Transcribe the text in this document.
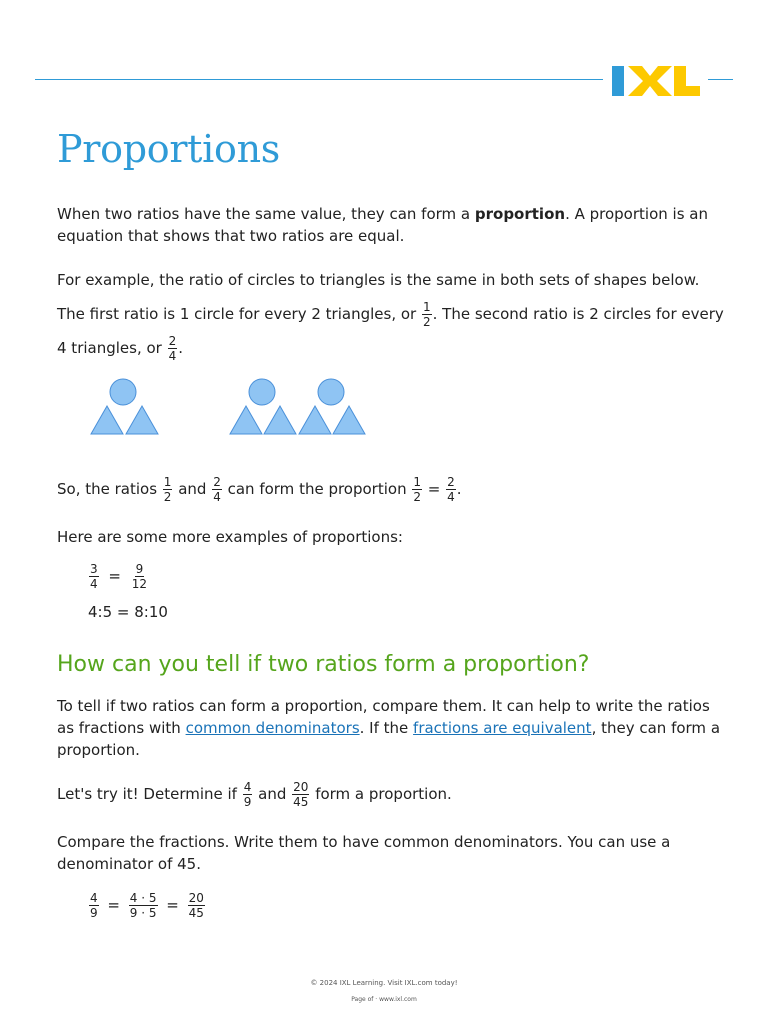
Proportions

When two ratios have the same value, they can form a proportion. A proportion is an equation that shows that two ratios are equal.

For example, the ratio of circles to triangles is the same in both sets of shapes below. The first ratio is 1 circle for every 2 triangles, or $\frac{1}{2}$ . The second ratio is 2 circles for every 4 triangles, or $\frac{2}{4}$ .

So, the ratios $\frac{1}{2}$ and $\frac{2}{4}$ can form the proportion $\frac{1}{2} = \frac{2}{4}$ .

Here are some more examples of proportions:

$\frac{3}{4} = \frac{9}{12}$
4:5 = 8:10
How can you tell if two ratios form a proportion?

To tell if two ratios can form a proportion, compare them. It can help to write the ratios as fractions with common denominators. If the fractions are equivalent, they can form a proportion.

Let's try it! Determine if $\frac{4}{9}$ and $\frac{20}{45}$ form a proportion.

Compare the fractions. Write them to have common denominators. You can use a denominator of 45.

$\frac{4}{9} = \frac{4 \cdot 5}{9 \cdot 5} = \frac{20}{45}$
© 2024 IXL Learning. Visit IXL.com today!
Page of · www.ixl.com
